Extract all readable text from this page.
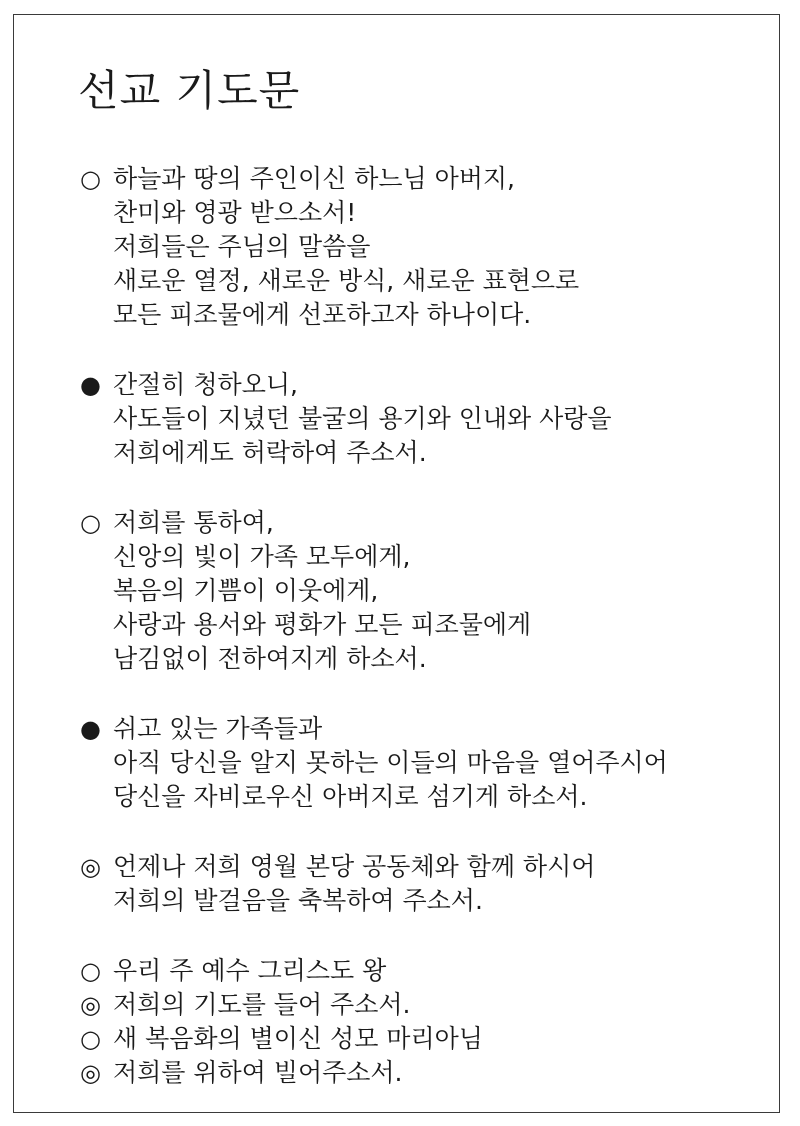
선교 기도문
○ 하늘과 땅의 주인이신 하느님 아버지,
찬미와 영광 받으소서!
저희들은 주님의 말씀을
새로운 열정, 새로운 방식, 새로운 표현으로
모든 피조물에게 선포하고자 하나이다.
● 간절히 청하오니,
사도들이 지녔던 불굴의 용기와 인내와 사랑을
저희에게도 허락하여 주소서.
○ 저희를 통하여,
신앙의 빛이 가족 모두에게,
복음의 기쁨이 이웃에게,
사랑과 용서와 평화가 모든 피조물에게
남김없이 전하여지게 하소서.
● 쉬고 있는 가족들과
아직 당신을 알지 못하는 이들의 마음을 열어주시어
당신을 자비로우신 아버지로 섬기게 하소서.
◎ 언제나 저희 영월 본당 공동체와 함께 하시어
저희의 발걸음을 축복하여 주소서.
○ 우리 주 예수 그리스도 왕
◎ 저희의 기도를 들어 주소서.
○ 새 복음화의 별이신 성모 마리아님
◎ 저희를 위하여 빌어주소서.
